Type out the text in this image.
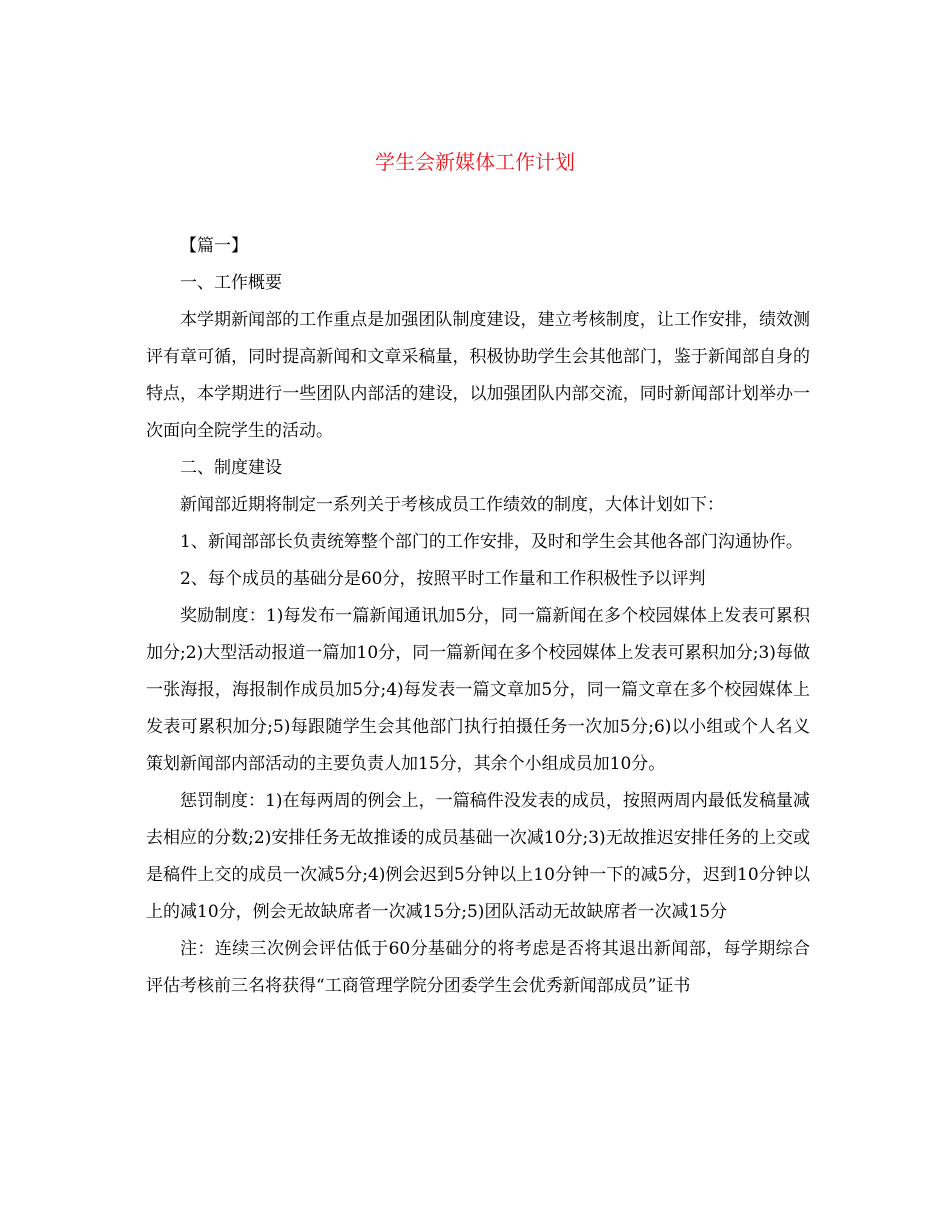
学生会新媒体工作计划

【篇一】

一、工作概要

本学期新闻部的工作重点是加强团队制度建设，建立考核制度，让工作安排，绩效测评有章可循，同时提高新闻和文章采稿量，积极协助学生会其他部门，鉴于新闻部自身的特点，本学期进行一些团队内部活的建设，以加强团队内部交流，同时新闻部计划举办一次面向全院学生的活动。

二、制度建设

新闻部近期将制定一系列关于考核成员工作绩效的制度，大体计划如下：

1、新闻部部长负责统筹整个部门的工作安排，及时和学生会其他各部门沟通协作。

2、每个成员的基础分是60分，按照平时工作量和工作积极性予以评判

奖励制度：1)每发布一篇新闻通讯加5分，同一篇新闻在多个校园媒体上发表可累积加分;2)大型活动报道一篇加10分，同一篇新闻在多个校园媒体上发表可累积加分;3)每做一张海报，海报制作成员加5分;4)每发表一篇文章加5分，同一篇文章在多个校园媒体上发表可累积加分;5)每跟随学生会其他部门执行拍摄任务一次加5分;6)以小组或个人名义策划新闻部内部活动的主要负责人加15分，其余个小组成员加10分。

惩罚制度：1)在每两周的例会上，一篇稿件没发表的成员，按照两周内最低发稿量减去相应的分数;2)安排任务无故推诿的成员基础一次减10分;3)无故推迟安排任务的上交或是稿件上交的成员一次减5分;4)例会迟到5分钟以上10分钟一下的减5分，迟到10分钟以上的减10分，例会无故缺席者一次减15分;5)团队活动无故缺席者一次减15分

注：连续三次例会评估低于60分基础分的将考虑是否将其退出新闻部，每学期综合评估考核前三名将获得“工商管理学院分团委学生会优秀新闻部成员”证书
